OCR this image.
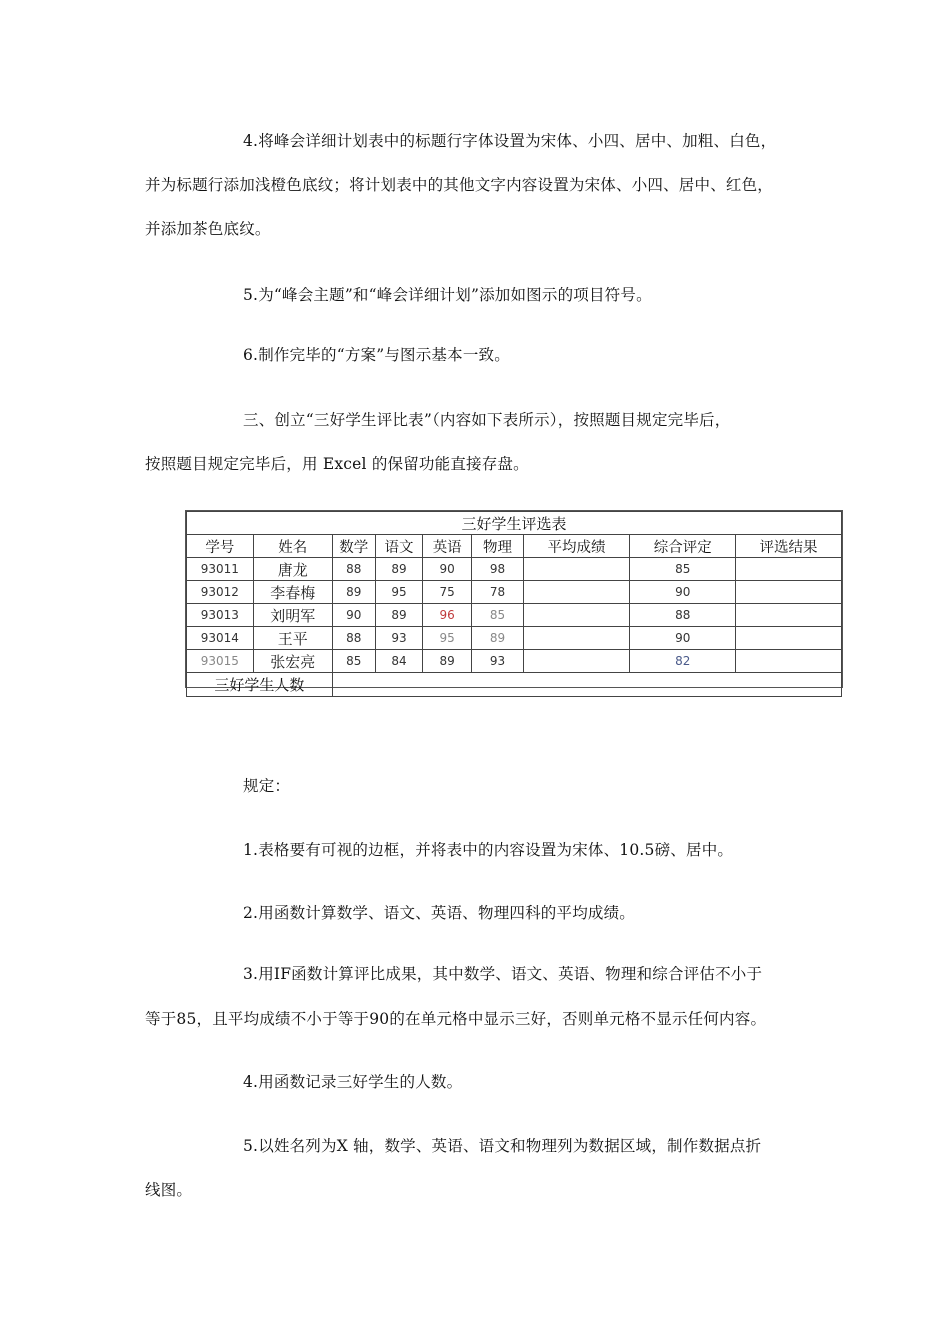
4.将峰会详细计划表中的标题行字体设置为宋体、小四、居中、加粗、白色，

并为标题行添加浅橙色底纹；将计划表中的其他文字内容设置为宋体、小四、居中、红色，

并添加茶色底纹。

5.为“峰会主题”和“峰会详细计划”添加如图示的项目符号。

6.制作完毕的“方案”与图示基本一致。

三、创立“三好学生评比表”（内容如下表所示），按照题目规定完毕后，

按照题目规定完毕后，用 Excel 的保留功能直接存盘。

三好学生评选表								
学号	姓名	数学	语文	英语	物理	平均成绩	综合评定	评选结果
93011	唐龙	88	89	90	98		85	
93012	李春梅	89	95	75	78		90	
93013	刘明军	90	89	96	85		88	
93014	王平	88	93	95	89		90	
93015	张宏亮	85	84	89	93		82	
三好学生人数								

规定：

1.表格要有可视的边框，并将表中的内容设置为宋体、10.5磅、居中。

2.用函数计算数学、语文、英语、物理四科的平均成绩。

3.用IF函数计算评比成果，其中数学、语文、英语、物理和综合评估不小于

等于85，且平均成绩不小于等于90的在单元格中显示三好，否则单元格不显示任何内容。

4.用函数记录三好学生的人数。

5.以姓名列为X 轴，数学、英语、语文和物理列为数据区域，制作数据点折

线图。
